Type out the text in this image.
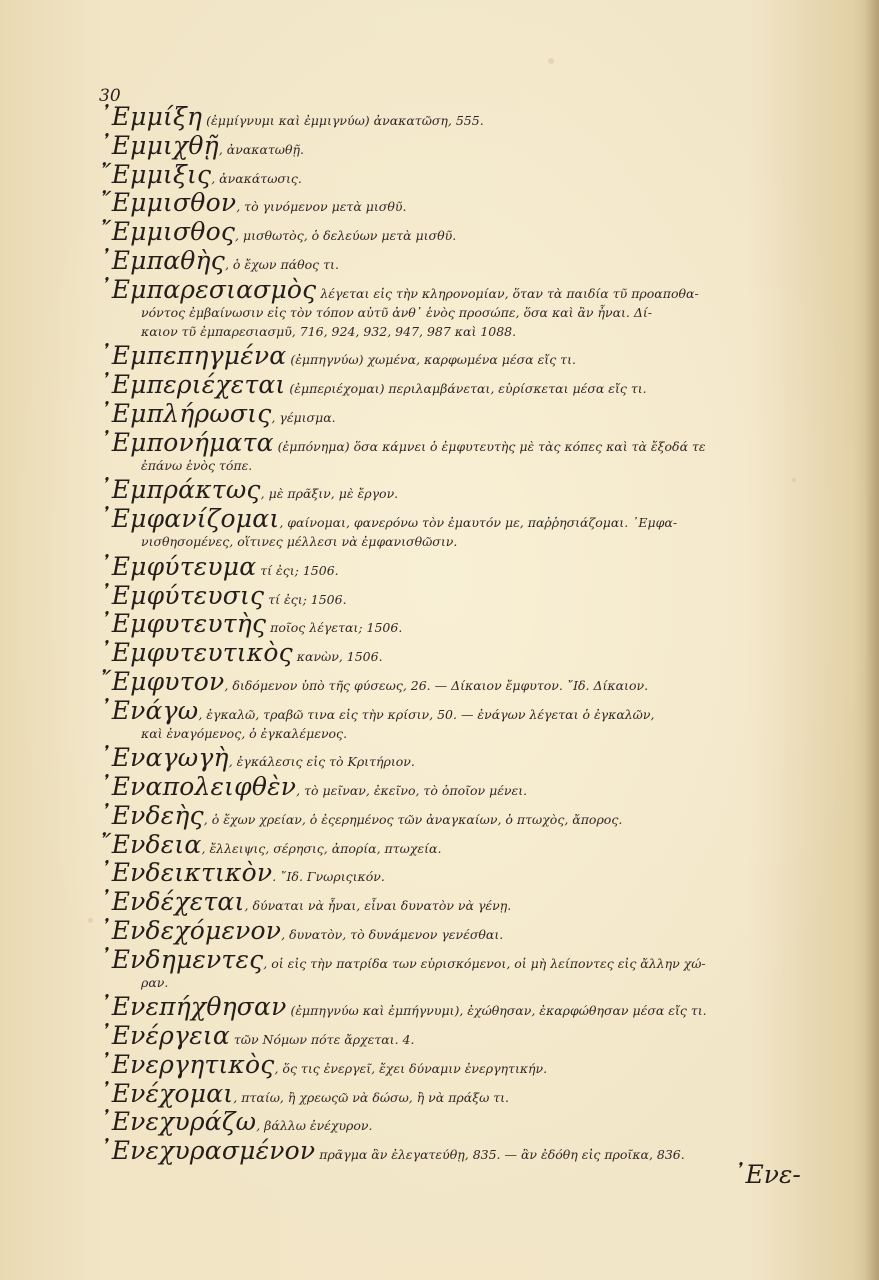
30
᾿Εμμίξη (ἐμμίγνυμι καὶ ἐμμιγνύω) ἀνακατῶση, 555.
᾿Εμμιχθῇ, ἀνακατωθῇ.
῎Εμμιξις, ἀνακάτωσις.
῎Εμμισθον, τὸ γινόμενον μετὰ μισθῦ.
῎Εμμισθος, μισθωτὸς, ὁ δελεύων μετὰ μισθῦ.
᾿Εμπαθὴς, ὁ ἔχων πάθος τι.
᾿Εμπαρεσιασμὸς λέγεται εἰς τὴν κληρονομίαν, ὅταν τὰ παιδία τῦ προαποθα-
νόντος ἐμβαίνωσιν εἰς τὸν τόπον αὐτῦ ἀνθ᾿ ἑνὸς προσώπε, ὅσα καὶ ἂν ἦναι. Δί-
καιον τῦ ἐμπαρεσιασμῦ, 716, 924, 932, 947, 987 καὶ 1088.
᾿Εμπεπηγμένα (ἐμπηγνύω) χωμένα, καρφωμένα μέσα εἴς τι.
᾿Εμπεριέχεται (ἐμπεριέχομαι) περιλαμβάνεται, εὑρίσκεται μέσα εἴς τι.
᾿Εμπλήρωσις, γέμισμα.
᾿Εμπονήματα (ἐμπόνημα) ὅσα κάμνει ὁ ἐμφυτευτὴς μὲ τὰς κόπες καὶ τὰ ἔξοδά τε
ἐπάνω ἑνὸς τόπε.
᾿Εμπράκτως, μὲ πρᾶξιν, μὲ ἔργον.
᾿Εμφανίζομαι, φαίνομαι, φανερόνω τὸν ἐμαυτόν με, παῤῥησιάζομαι. ᾿Εμφα-
νισθησομένες, οἵτινες μέλλεσι νὰ ἐμφανισθῶσιν.
᾿Εμφύτευμα τί ἐςι; 1506.
᾿Εμφύτευσις τί ἐςι; 1506.
᾿Εμφυτευτὴς ποῖος λέγεται; 1506.
᾿Εμφυτευτικὸς κανὼν, 1506.
῎Εμφυτον, διδόμενον ὑπὸ τῆς φύσεως, 26. — Δίκαιον ἔμφυτον. ῎Ιδ. Δίκαιον.
᾿Ενάγω, ἐγκαλῶ, τραβῶ τινα εἰς τὴν κρίσιν, 50. — ἐνάγων λέγεται ὁ ἐγκαλῶν,
καὶ ἐναγόμενος, ὁ ἐγκαλέμενος.
᾿Εναγωγὴ, ἐγκάλεσις εἰς τὸ Κριτήριον.
᾿Εναπολειφθὲν, τὸ μεῖναν, ἐκεῖνο, τὸ ὁποῖον μένει.
᾿Ενδεὴς, ὁ ἔχων χρείαν, ὁ ἐςερημένος τῶν ἀναγκαίων, ὁ πτωχὸς, ἄπορος.
῎Ενδεια, ἔλλειψις, σέρησις, ἀπορία, πτωχεία.
᾿Ενδεικτικὸν. ῎Ιδ. Γνωριςικόν.
᾿Ενδέχεται, δύναται νὰ ἦναι, εἶναι δυνατὸν νὰ γένῃ.
᾿Ενδεχόμενον, δυνατὸν, τὸ δυνάμενον γενέσθαι.
᾿Ενδημεντες, οἱ εἰς τὴν πατρίδα των εὑρισκόμενοι, οἱ μὴ λείποντες εἰς ἄλλην χώ-
ραν.
᾿Ενεπήχθησαν (ἐμπηγνύω καὶ ἐμπήγνυμι), ἐχώθησαν, ἐκαρφώθησαν μέσα εἴς τι.
᾿Ενέργεια τῶν Νόμων πότε ἄρχεται. 4.
᾿Ενεργητικὸς, ὅς τις ἐνεργεῖ, ἔχει δύναμιν ἐνεργητικήν.
᾿Ενέχομαι, πταίω, ἢ χρεωςῶ νὰ δώσω, ἢ νὰ πράξω τι.
᾿Ενεχυράζω, βάλλω ἐνέχυρον.
᾿Ενεχυρασμένον πρᾶγμα ἂν ἐλεγατεύθῃ, 835. — ἂν ἐδόθη εἰς προῖκα, 836.
᾿Ενε-
